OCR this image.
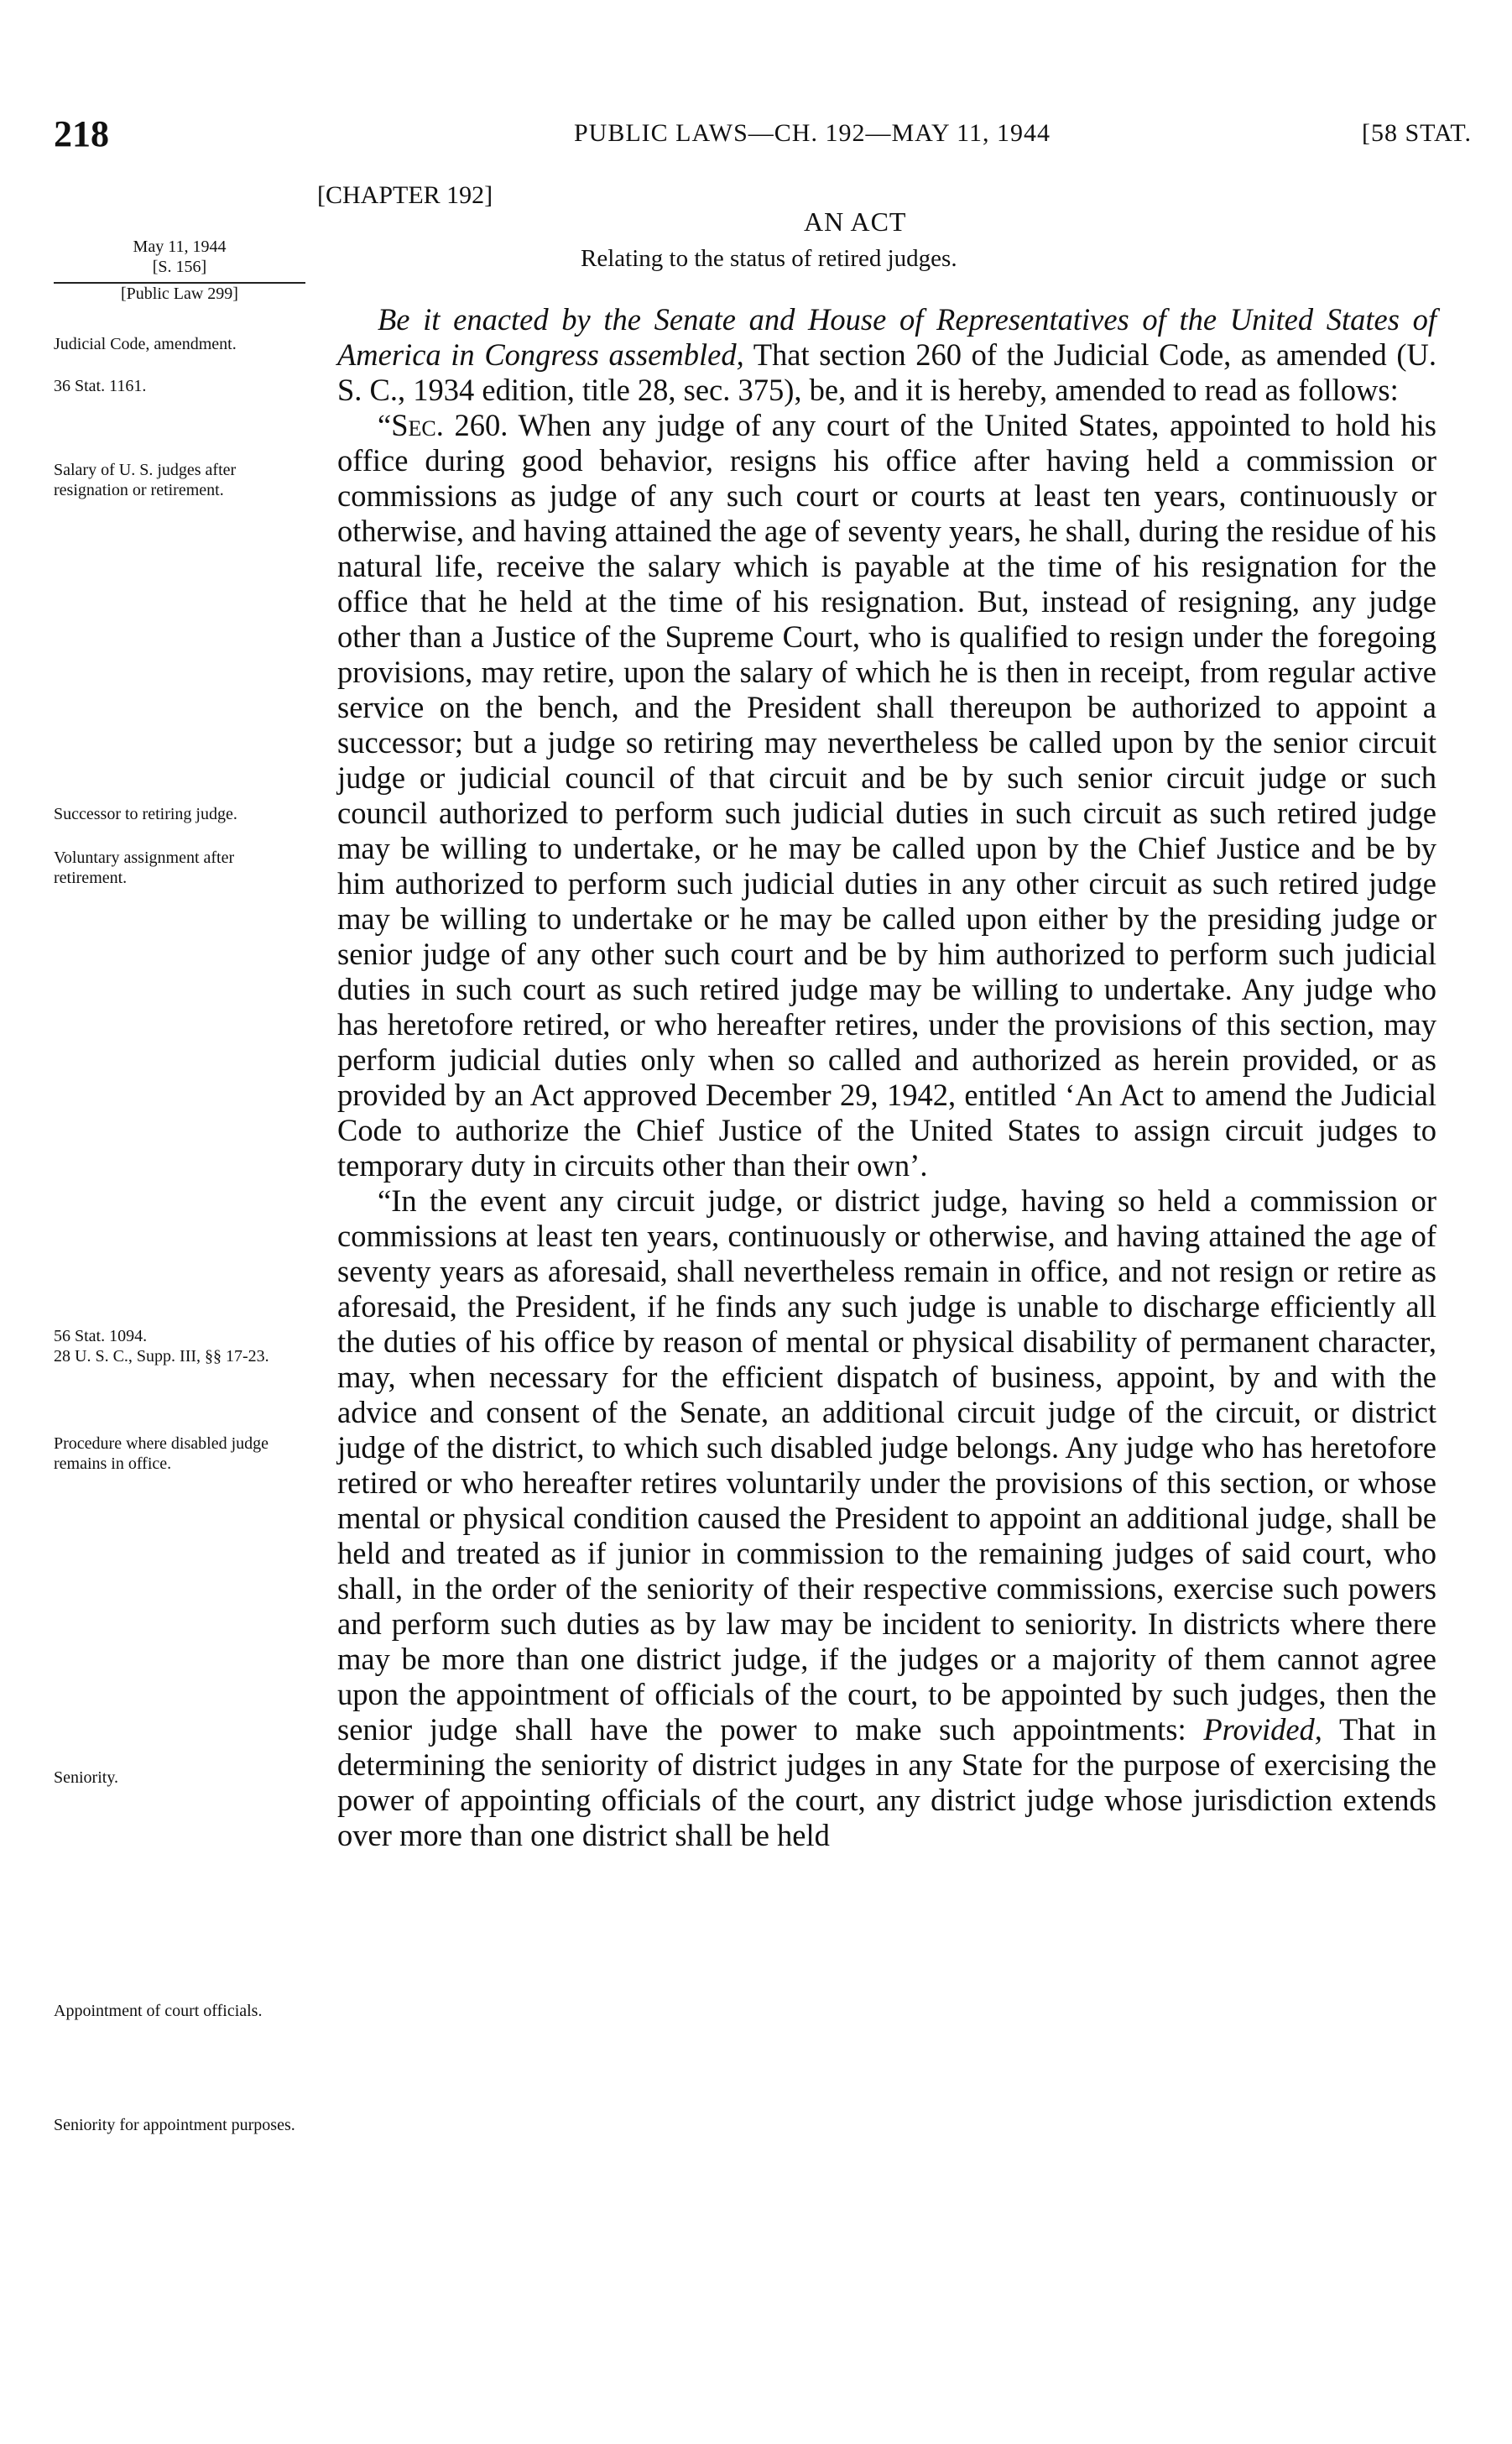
218	PUBLIC LAWS—CH. 192—MAY 11, 1944	[58 STAT.
[CHAPTER 192]
AN ACT
Relating to the status of retired judges.
May 11, 1944
[S. 156]
[Public Law 299]
Judicial Code, amendment.
36 Stat. 1161.
Salary of U. S. judges after resignation or retirement.
Successor to retiring judge.
Voluntary assignment after retirement.
56 Stat. 1094.
28 U. S. C., Supp. III, §§ 17-23.
Procedure where disabled judge remains in office.
Seniority.
Appointment of court officials.
Seniority for appointment purposes.

Be it enacted by the Senate and House of Representatives of the United States of America in Congress assembled, That section 260 of the Judicial Code, as amended (U. S. C., 1934 edition, title 28, sec. 375), be, and it is hereby, amended to read as follows:

“Sec. 260. When any judge of any court of the United States, appointed to hold his office during good behavior, resigns his office after having held a commission or commissions as judge of any such court or courts at least ten years, continuously or otherwise, and having attained the age of seventy years, he shall, during the residue of his natural life, receive the salary which is payable at the time of his resignation for the office that he held at the time of his resignation. But, instead of resigning, any judge other than a Justice of the Supreme Court, who is qualified to resign under the foregoing provisions, may retire, upon the salary of which he is then in receipt, from regular active service on the bench, and the President shall thereupon be authorized to appoint a successor; but a judge so retiring may nevertheless be called upon by the senior circuit judge or judicial council of that circuit and be by such senior circuit judge or such council authorized to perform such judicial duties in such circuit as such retired judge may be willing to undertake, or he may be called upon by the Chief Justice and be by him authorized to perform such judicial duties in any other circuit as such retired judge may be willing to undertake or he may be called upon either by the presiding judge or senior judge of any other such court and be by him authorized to perform such judicial duties in such court as such retired judge may be willing to undertake. Any judge who has heretofore retired, or who hereafter retires, under the provisions of this section, may perform judicial duties only when so called and authorized as herein provided, or as provided by an Act approved December 29, 1942, entitled ‘An Act to amend the Judicial Code to authorize the Chief Justice of the United States to assign circuit judges to temporary duty in circuits other than their own’.

“In the event any circuit judge, or district judge, having so held a commission or commissions at least ten years, continuously or otherwise, and having attained the age of seventy years as aforesaid, shall nevertheless remain in office, and not resign or retire as aforesaid, the President, if he finds any such judge is unable to discharge efficiently all the duties of his office by reason of mental or physical disability of permanent character, may, when necessary for the efficient dispatch of business, appoint, by and with the advice and consent of the Senate, an additional circuit judge of the circuit, or district judge of the district, to which such disabled judge belongs. Any judge who has heretofore retired or who hereafter retires voluntarily under the provisions of this section, or whose mental or physical condition caused the President to appoint an additional judge, shall be held and treated as if junior in commission to the remaining judges of said court, who shall, in the order of the seniority of their respective commissions, exercise such powers and perform such duties as by law may be incident to seniority. In districts where there may be more than one district judge, if the judges or a majority of them cannot agree upon the appointment of officials of the court, to be appointed by such judges, then the senior judge shall have the power to make such appointments: Provided, That in determining the seniority of district judges in any State for the purpose of exercising the power of appointing officials of the court, any district judge whose jurisdiction extends over more than one district shall be held
